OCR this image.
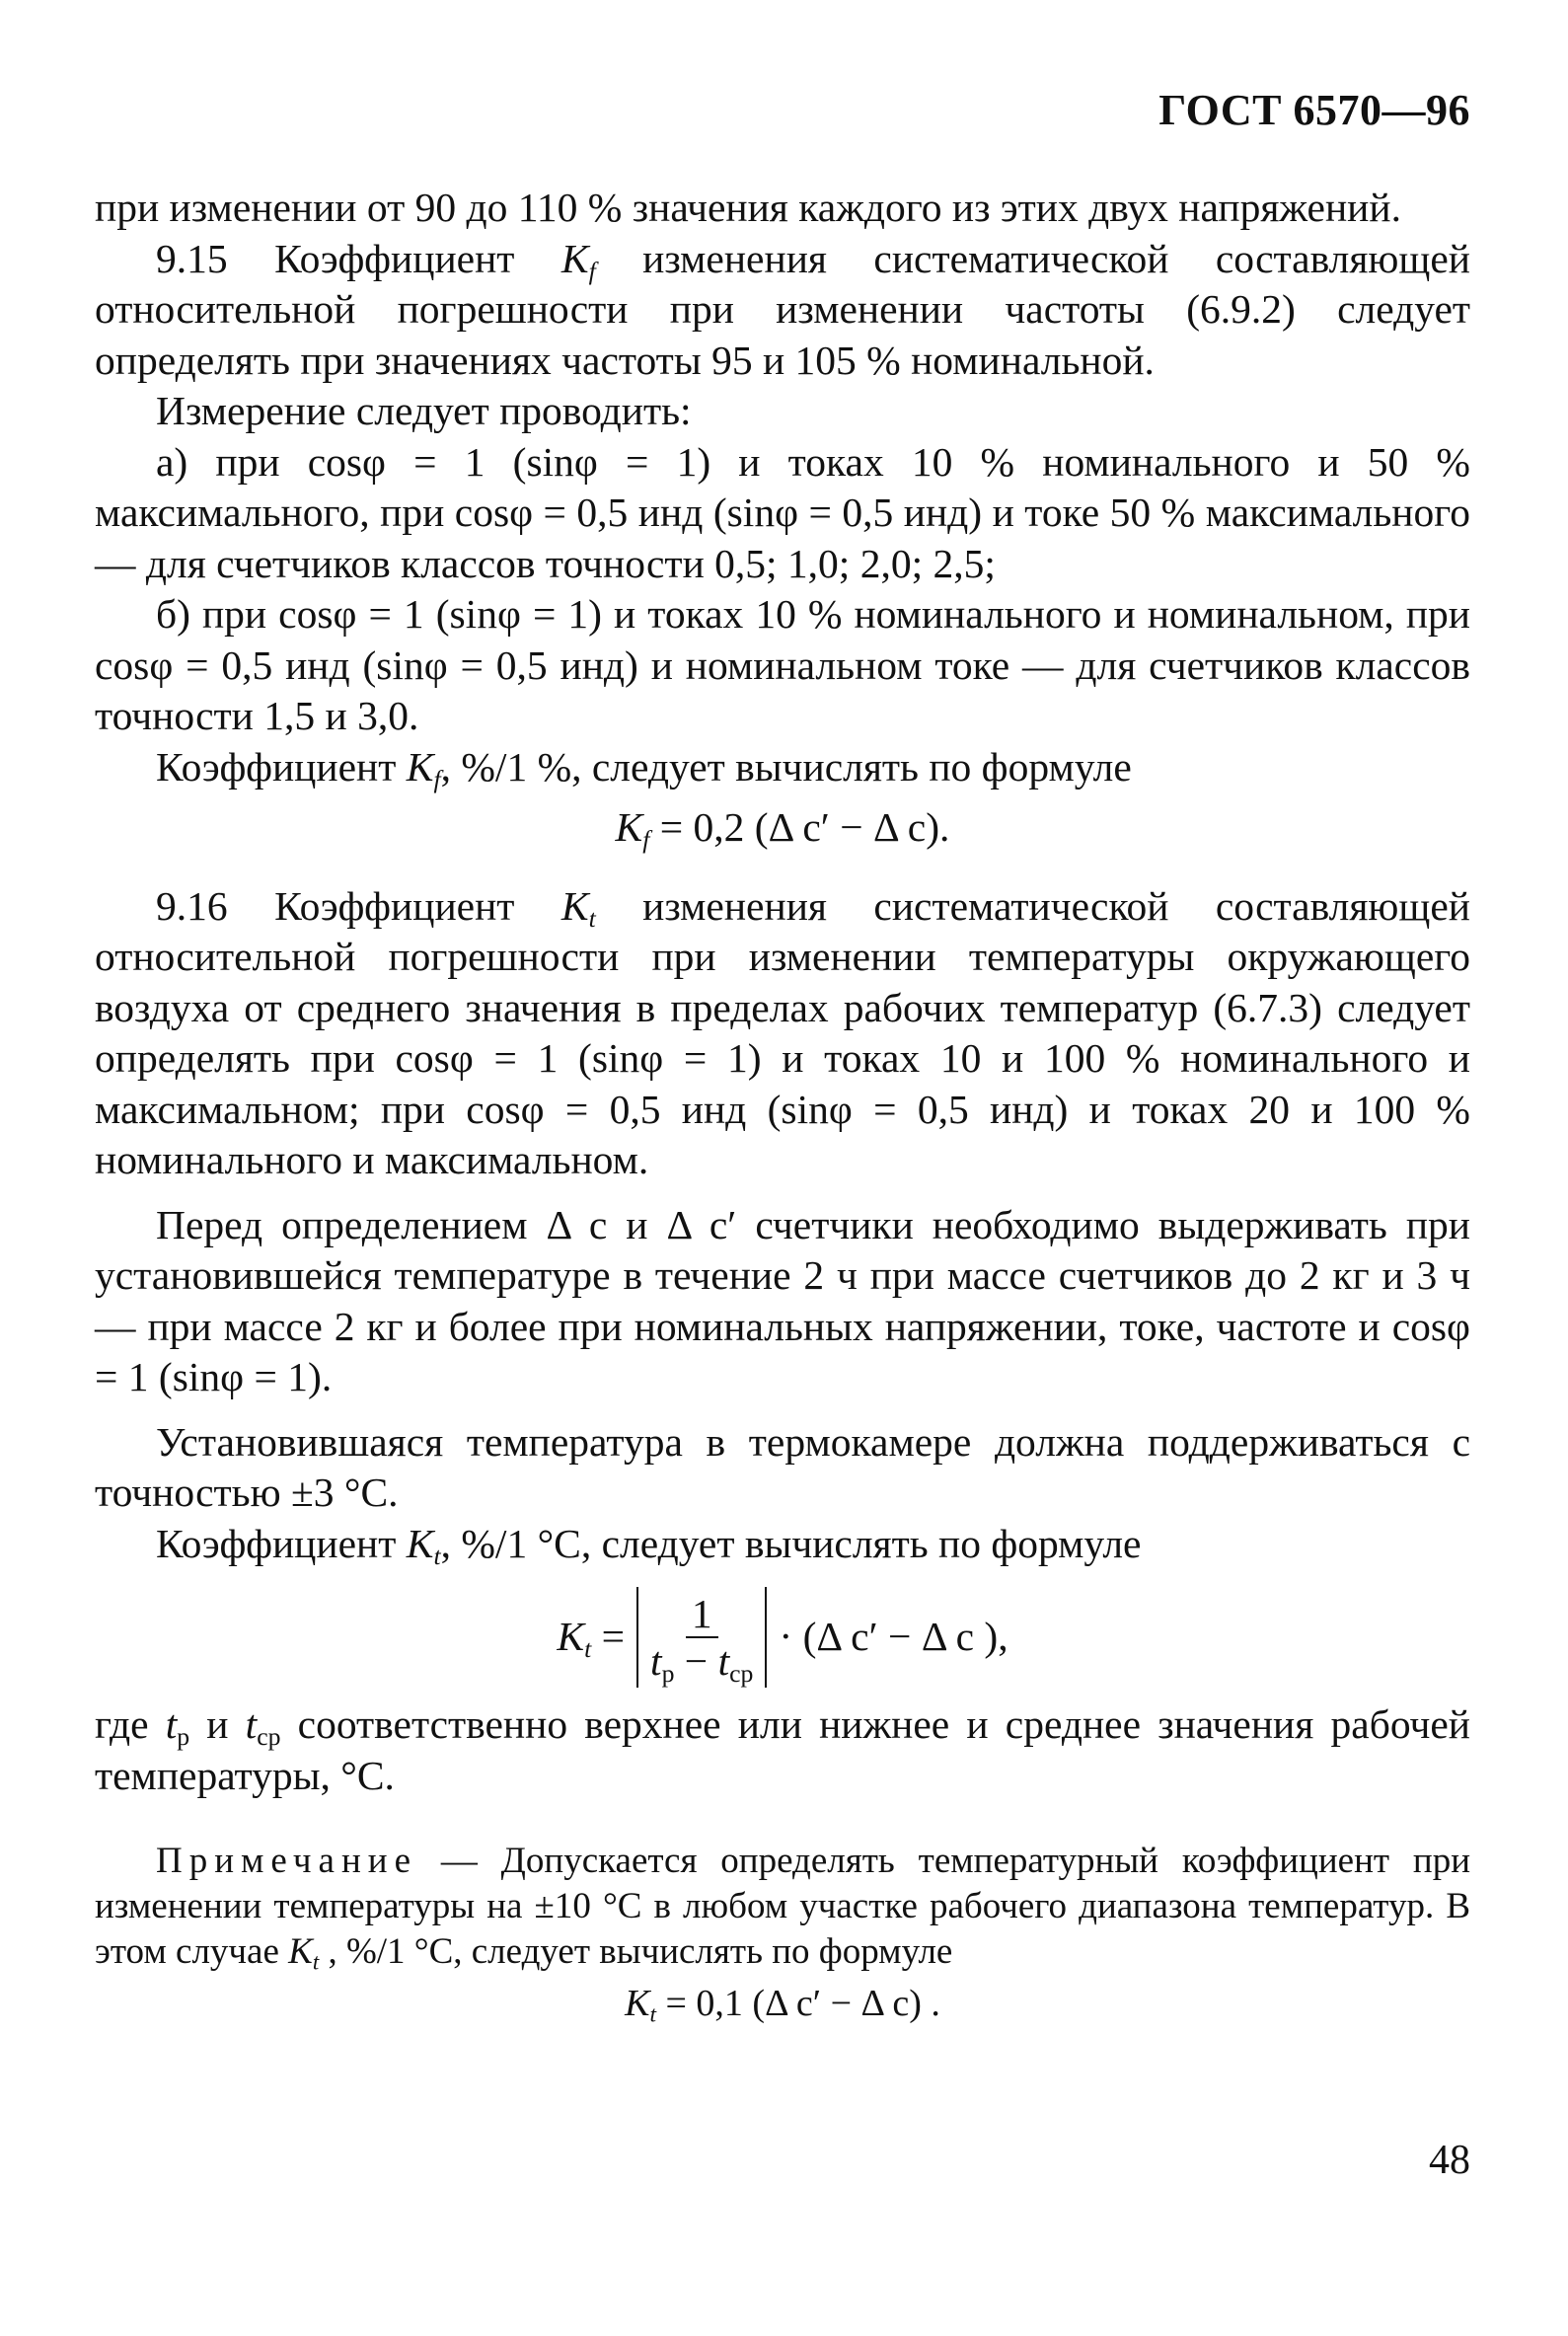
ГОСТ 6570—96

при изменении от 90 до 110 % значения каждого из этих двух напряжений.

9.15 Коэффициент $K_f$ изменения систематической составляющей относительной погрешности при изменении частоты (6.9.2) следует определять при значениях частоты 95 и 105 % номинальной.

Измерение следует проводить:

а) при cosφ = 1 (sinφ = 1) и токах 10 % номинального и 50 % максимального, при cosφ = 0,5 инд (sinφ = 0,5 инд) и токе 50 % максимального — для счетчиков классов точности 0,5; 1,0; 2,0; 2,5;

б) при cosφ = 1 (sinφ = 1) и токах 10 % номинального и номинальном, при cosφ = 0,5 инд (sinφ = 0,5 инд) и номинальном токе — для счетчиков классов точности 1,5 и 3,0.

Коэффициент $K_f$, %/1 %, следует вычислять по формуле

$K_f = 0,2$ (Δ с′ − Δ с).

9.16 Коэффициент $K_t$ изменения систематической составляющей относительной погрешности при изменении температуры окружающего воздуха от среднего значения в пределах рабочих температур (6.7.3) следует определять при cosφ = 1 (sinφ = 1) и токах 10 и 100 % номинального и максимальном; при cosφ = 0,5 инд (sinφ = 0,5 инд) и токах 20 и 100 % номинального и максимальном.

Перед определением Δ с и Δ с′ счетчики необходимо выдерживать при установившейся температуре в течение 2 ч при массе счетчиков до 2 кг и 3 ч — при массе 2 кг и более при номинальных напряжении, токе, частоте и cosφ = 1 (sinφ = 1).

Установившаяся температура в термокамере должна поддерживаться с точностью ±3 °С.

Коэффициент $K_t$, %/1 °С, следует вычислять по формуле

$K_t = \frac{1}{t_р - t_{ср}} \cdot (\Delta$ с′ − Δ с ),

где $t_р$ и $t_{ср}$ соответственно верхнее или нижнее и среднее значения рабочей температуры, °С.

Примечание — Допускается определять температурный коэффициент при изменении температуры на ±10 °С в любом участке рабочего диапазона температур. В этом случае $K_t$ , %/1 °С, следует вычислять по формуле

$K_t = 0,1$ (Δ с′ − Δ с) .
48
